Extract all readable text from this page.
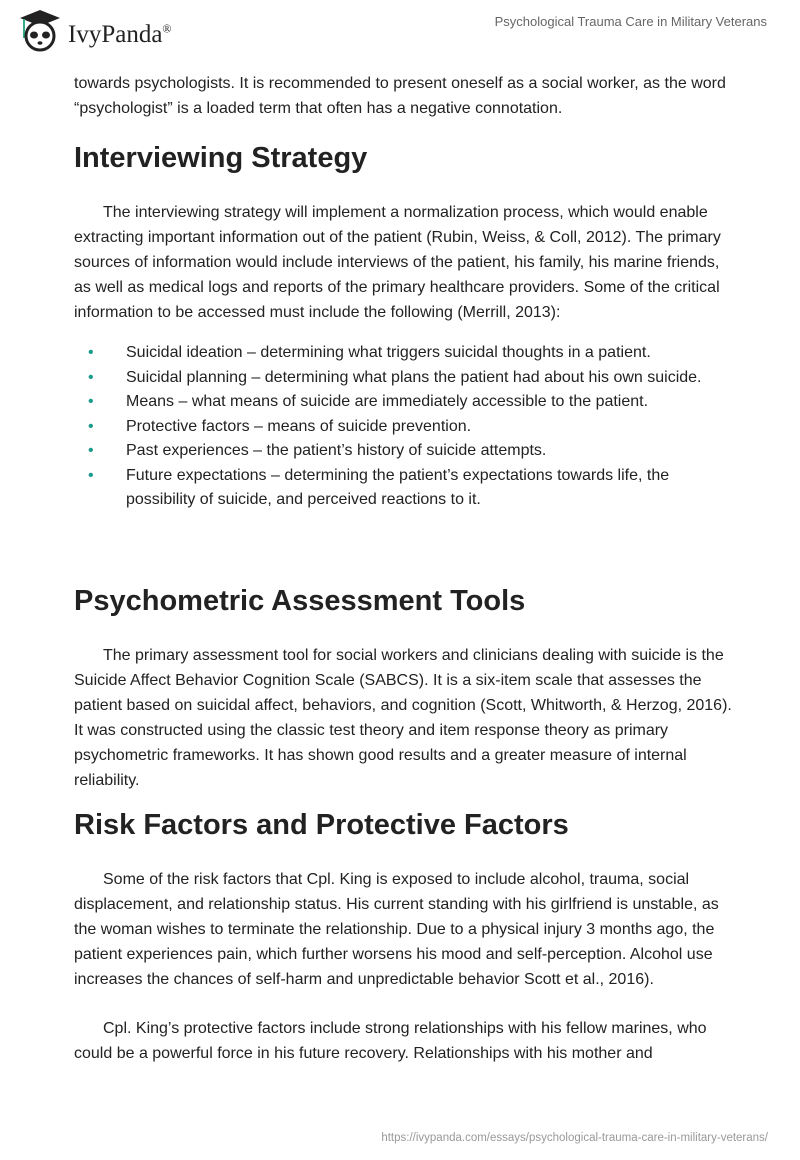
IvyPanda®	Psychological Trauma Care in Military Veterans

towards psychologists. It is recommended to present oneself as a social worker, as the word “psychologist” is a loaded term that often has a negative connotation.

Interviewing Strategy

The interviewing strategy will implement a normalization process, which would enable extracting important information out of the patient (Rubin, Weiss, & Coll, 2012). The primary sources of information would include interviews of the patient, his family, his marine friends, as well as medical logs and reports of the primary healthcare providers. Some of the critical information to be accessed must include the following (Merrill, 2013):

• Suicidal ideation – determining what triggers suicidal thoughts in a patient.
• Suicidal planning – determining what plans the patient had about his own suicide.
• Means – what means of suicide are immediately accessible to the patient.
• Protective factors – means of suicide prevention.
• Past experiences – the patient’s history of suicide attempts.
• Future expectations – determining the patient’s expectations towards life, the possibility of suicide, and perceived reactions to it.
Psychometric Assessment Tools

The primary assessment tool for social workers and clinicians dealing with suicide is the Suicide Affect Behavior Cognition Scale (SABCS). It is a six-item scale that assesses the patient based on suicidal affect, behaviors, and cognition (Scott, Whitworth, & Herzog, 2016). It was constructed using the classic test theory and item response theory as primary psychometric frameworks. It has shown good results and a greater measure of internal reliability.

Risk Factors and Protective Factors

Some of the risk factors that Cpl. King is exposed to include alcohol, trauma, social displacement, and relationship status. His current standing with his girlfriend is unstable, as the woman wishes to terminate the relationship. Due to a physical injury 3 months ago, the patient experiences pain, which further worsens his mood and self-perception. Alcohol use increases the chances of self-harm and unpredictable behavior Scott et al., 2016).

Cpl. King’s protective factors include strong relationships with his fellow marines, who could be a powerful force in his future recovery. Relationships with his mother and

https://ivypanda.com/essays/psychological-trauma-care-in-military-veterans/
